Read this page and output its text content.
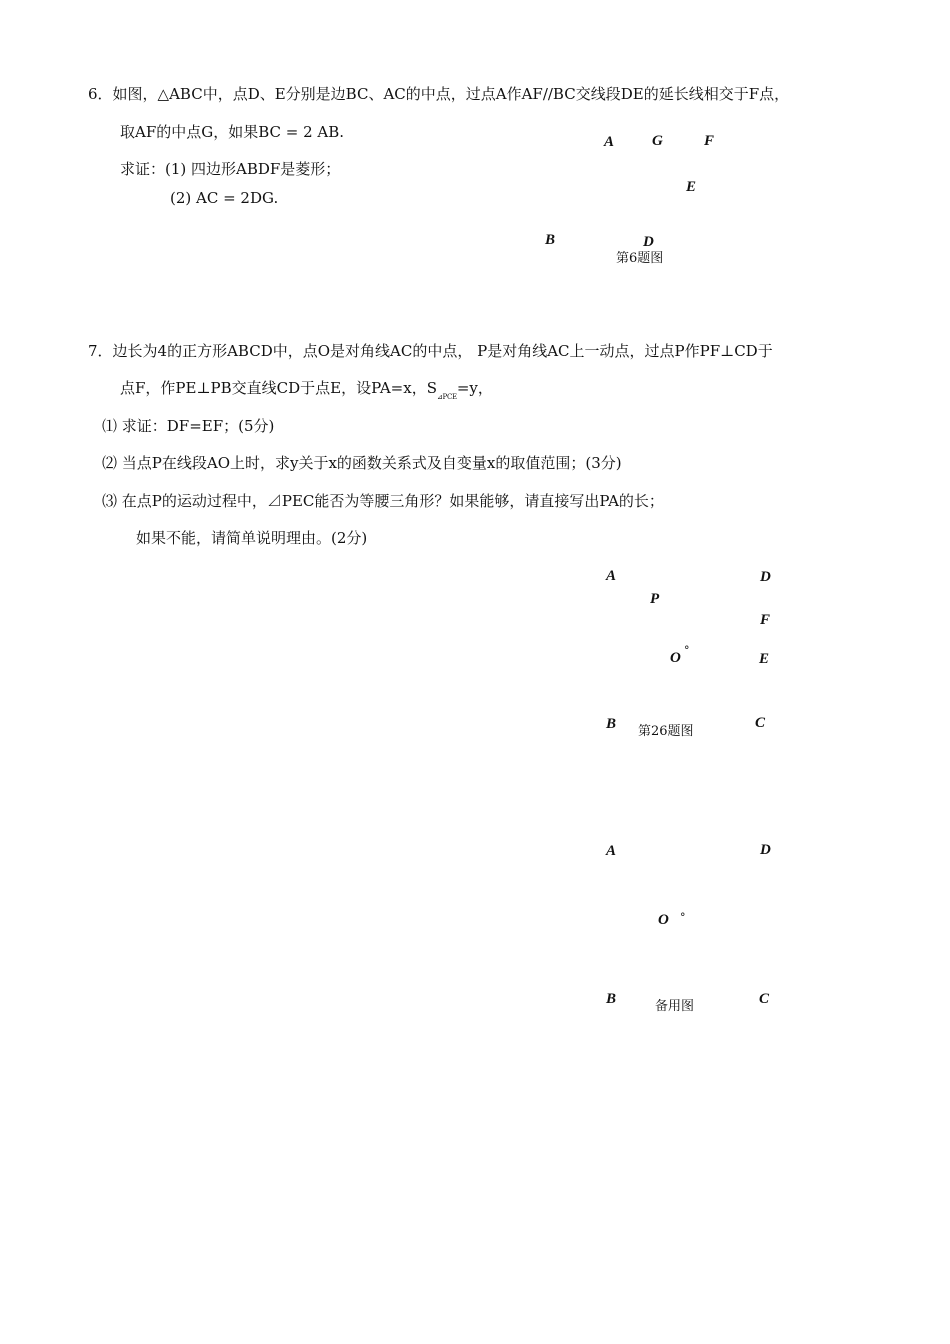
6．如图，△ABC中，点D、E分别是边BC、AC的中点，过点A作AF//BC交线段DE的延长线相交于F点，
取AF的中点G，如果BC = 2 AB.
求证：(1) 四边形ABDF是菱形；
(2) AC = 2DG.
A	G	F
E
B	D
第6题图
7．边长为4的正方形ABCD中，点O是对角线AC的中点， P是对角线AC上一动点，过点P作PF⊥CD于
点F，作PE⊥PB交直线CD于点E，设PA=x，$S_{⊿PCE}=y$，
⑴ 求证：DF=EF；(5分)
⑵ 当点P在线段AO上时，求y关于x的函数关系式及自变量x的取值范围；(3分)
⑶ 在点P的运动过程中，⊿PEC能否为等腰三角形？如果能够，请直接写出PA的长；
如果不能，请简单说明理由。(2分)
A	D
P
F
O °
E
B	C
第26题图
A	D
O °
B	C
备用图
